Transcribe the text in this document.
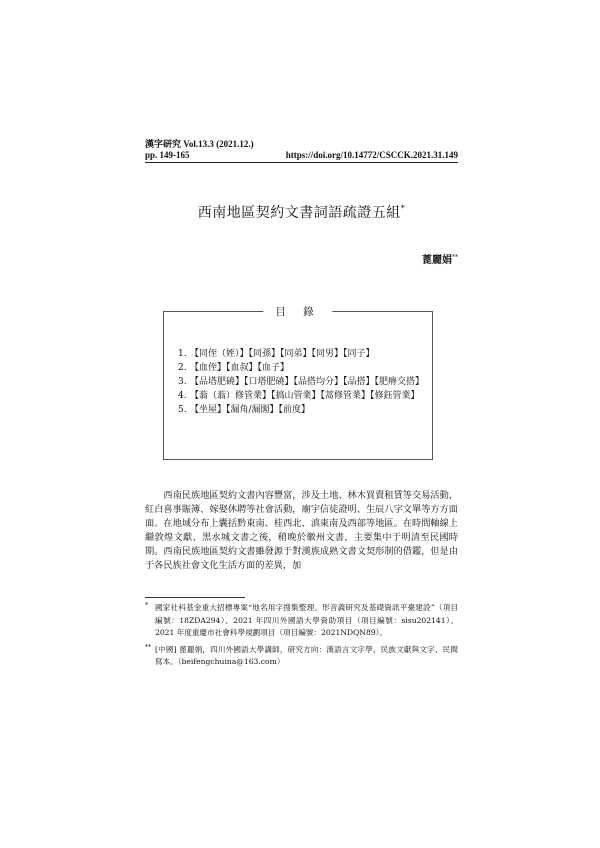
漢字研究 Vol.13.3 (2021.12.)
pp. 149-165	https://doi.org/10.14772/CSCCK.2021.31.149
西南地區契約文書詞語疏證五組*
蓖麗娟**
目 錄
1. 【同侄（姪）】【同孫】【同弟】【同男】【同子】
2. 【血侄】【血叔】【血子】
3. 【品塔肥磽】【口塔肥磽】【品搭均分】【品搭】【肥瘠交搭】
4. 【蓊（蓊）修管業】【搞山管業】【蒿修管業】【修鈺管業】
5. 【坐屋】【漏角/漏閣】【前度】
西南民族地區契約文書內容豐富，涉及土地、林木買賣租賃等交易活動，紅白喜事賑簿、嫁娶休聘等社會活動，廟宇信徒證明、生辰八字文單等方方面面。在地域分布上囊括黔東南、桂西北、滇東南及西部等地區。在時間軸線上繼敦煌文獻、黑水城文書之後，稍晚於徽州文書，主要集中于明清至民國時期。西南民族地區契約文書雖發源于對漢族成熟文書文契形制的借鑑，但是由于各民族社會文化生活方面的差異，加
* 國家社科基金重大招標專案“地名用字搜集整理、形音義研究及基礎資訊平臺建設”（項目編號：18ZDA294）、2021 年四川外國語大學資助項目（項目編號：sisu202141）、2021 年度重慶市社會科學規劃項目（項目編號：2021NDQN89）。
** [中國] 蓖麗娟，四川外國語大學講師，研究方向：漢語言文字學、民族文獻與文字、民間寫本。（beifengchuina@163.com）
